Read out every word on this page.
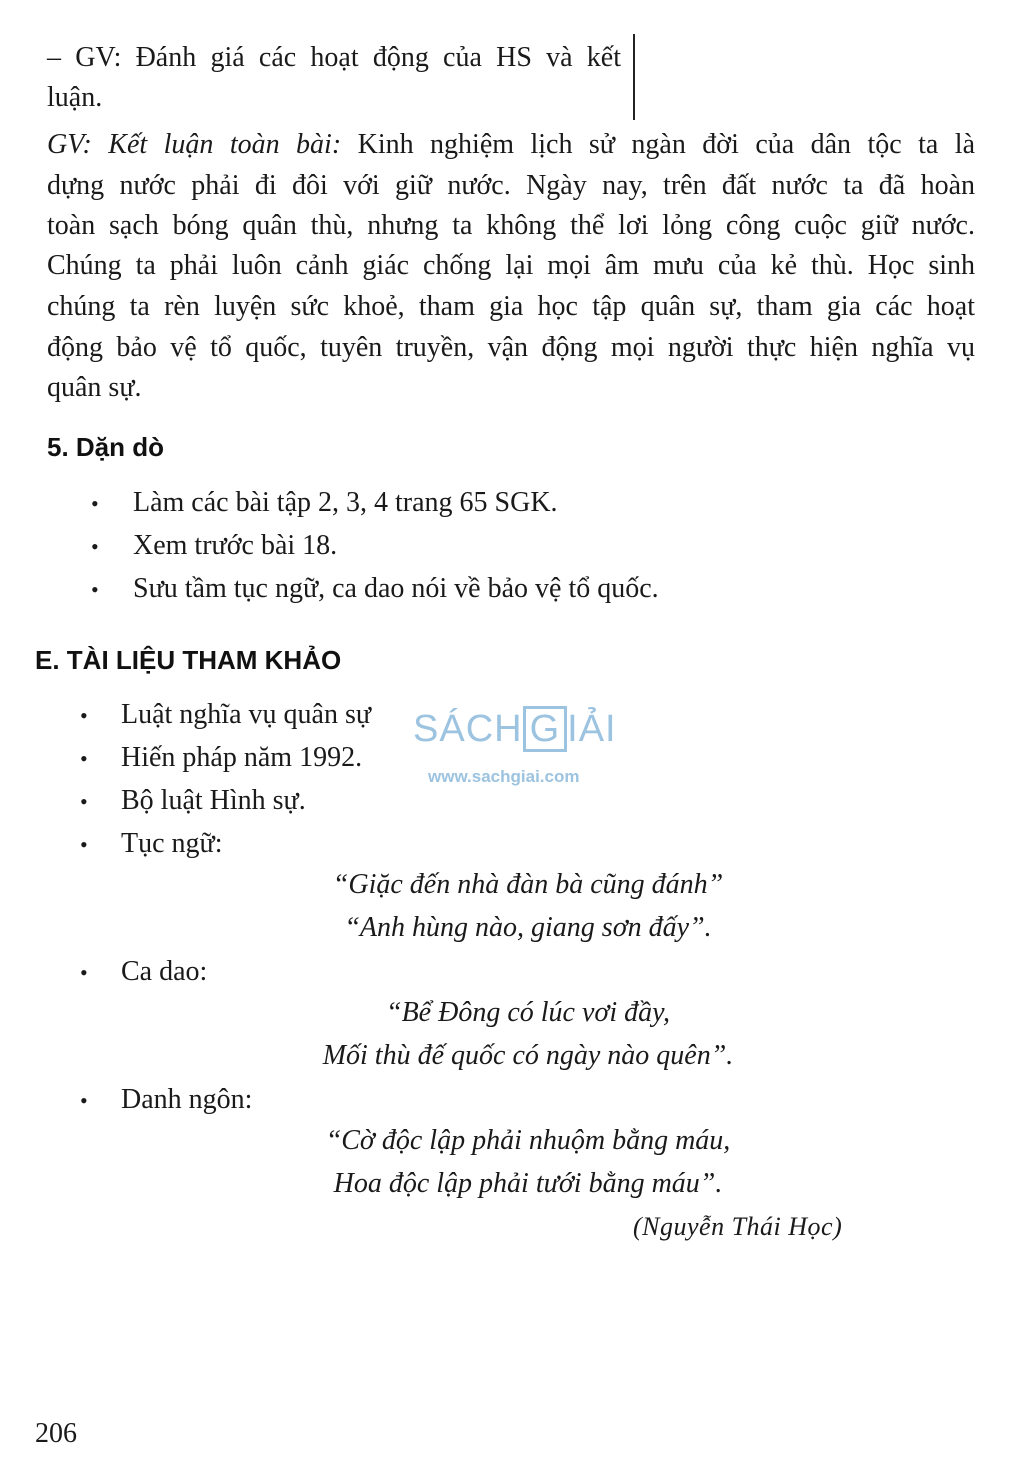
– GV: Đánh giá các hoạt động của HS và kết
luận.
GV: Kết luận toàn bài: Kinh nghiệm lịch sử ngàn đời của dân tộc ta là
dựng nước phải đi đôi với giữ nước. Ngày nay, trên đất nước ta đã hoàn
toàn sạch bóng quân thù, nhưng ta không thể lơi lỏng công cuộc giữ nước.
Chúng ta phải luôn cảnh giác chống lại mọi âm mưu của kẻ thù. Học sinh
chúng ta rèn luyện sức khoẻ, tham gia học tập quân sự, tham gia các hoạt
động bảo vệ tổ quốc, tuyên truyền, vận động mọi người thực hiện nghĩa vụ
quân sự.
5. Dặn dò
• Làm các bài tập 2, 3, 4 trang 65 SGK.
• Xem trước bài 18.
• Sưu tầm tục ngữ, ca dao nói về bảo vệ tổ quốc.
E. TÀI LIỆU THAM KHẢO
• Luật nghĩa vụ quân sự
• Hiến pháp năm 1992.
• Bộ luật Hình sự.
• Tục ngữ:
“Giặc đến nhà đàn bà cũng đánh”
“Anh hùng nào, giang sơn đấy”.
• Ca dao:
“Bể Đông có lúc vơi đầy,
Mối thù đế quốc có ngày nào quên”.
• Danh ngôn:
“Cờ độc lập phải nhuộm bằng máu,
Hoa độc lập phải tưới bằng máu”.
(Nguyễn Thái Học)
SÁCH G IẢI
www.sachgiai.com
206
